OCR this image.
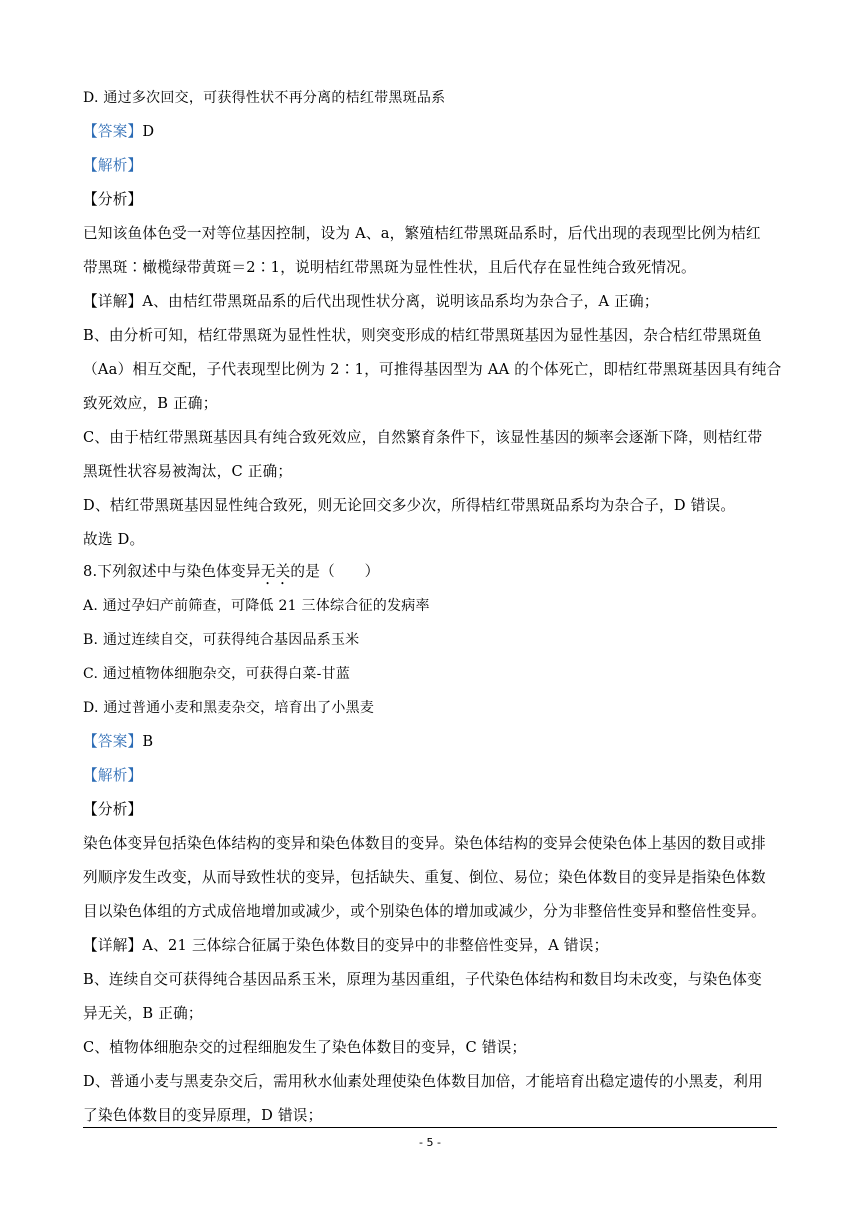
D. 通过多次回交，可获得性状不再分离的桔红带黑斑品系
【答案】D
【解析】
【分析】
已知该鱼体色受一对等位基因控制，设为 A、a，繁殖桔红带黑斑品系时，后代出现的表现型比例为桔红
带黑斑∶橄榄绿带黄斑＝2∶1，说明桔红带黑斑为显性性状，且后代存在显性纯合致死情况。
【详解】A、由桔红带黑斑品系的后代出现性状分离，说明该品系均为杂合子，A 正确；
B、由分析可知，桔红带黑斑为显性性状，则突变形成的桔红带黑斑基因为显性基因，杂合桔红带黑斑鱼
（Aa）相互交配，子代表现型比例为 2∶1，可推得基因型为 AA 的个体死亡，即桔红带黑斑基因具有纯合
致死效应，B 正确；
C、由于桔红带黑斑基因具有纯合致死效应，自然繁育条件下，该显性基因的频率会逐渐下降，则桔红带
黑斑性状容易被淘汰，C 正确；
D、桔红带黑斑基因显性纯合致死，则无论回交多少次，所得桔红带黑斑品系均为杂合子，D 错误。
故选 D。
8.下列叙述中与染色体变异无关的是（　　）
A. 通过孕妇产前筛查，可降低 21 三体综合征的发病率
B. 通过连续自交，可获得纯合基因品系玉米
C. 通过植物体细胞杂交，可获得白菜-甘蓝
D. 通过普通小麦和黑麦杂交，培育出了小黑麦
【答案】B
【解析】
【分析】
染色体变异包括染色体结构的变异和染色体数目的变异。染色体结构的变异会使染色体上基因的数目或排
列顺序发生改变，从而导致性状的变异，包括缺失、重复、倒位、易位；染色体数目的变异是指染色体数
目以染色体组的方式成倍地增加或减少，或个别染色体的增加或减少，分为非整倍性变异和整倍性变异。
【详解】A、21 三体综合征属于染色体数目的变异中的非整倍性变异，A 错误；
B、连续自交可获得纯合基因品系玉米，原理为基因重组，子代染色体结构和数目均未改变，与染色体变
异无关，B 正确；
C、植物体细胞杂交的过程细胞发生了染色体数目的变异，C 错误；
D、普通小麦与黑麦杂交后，需用秋水仙素处理使染色体数目加倍，才能培育出稳定遗传的小黑麦，利用
了染色体数目的变异原理，D 错误；
- 5 -
